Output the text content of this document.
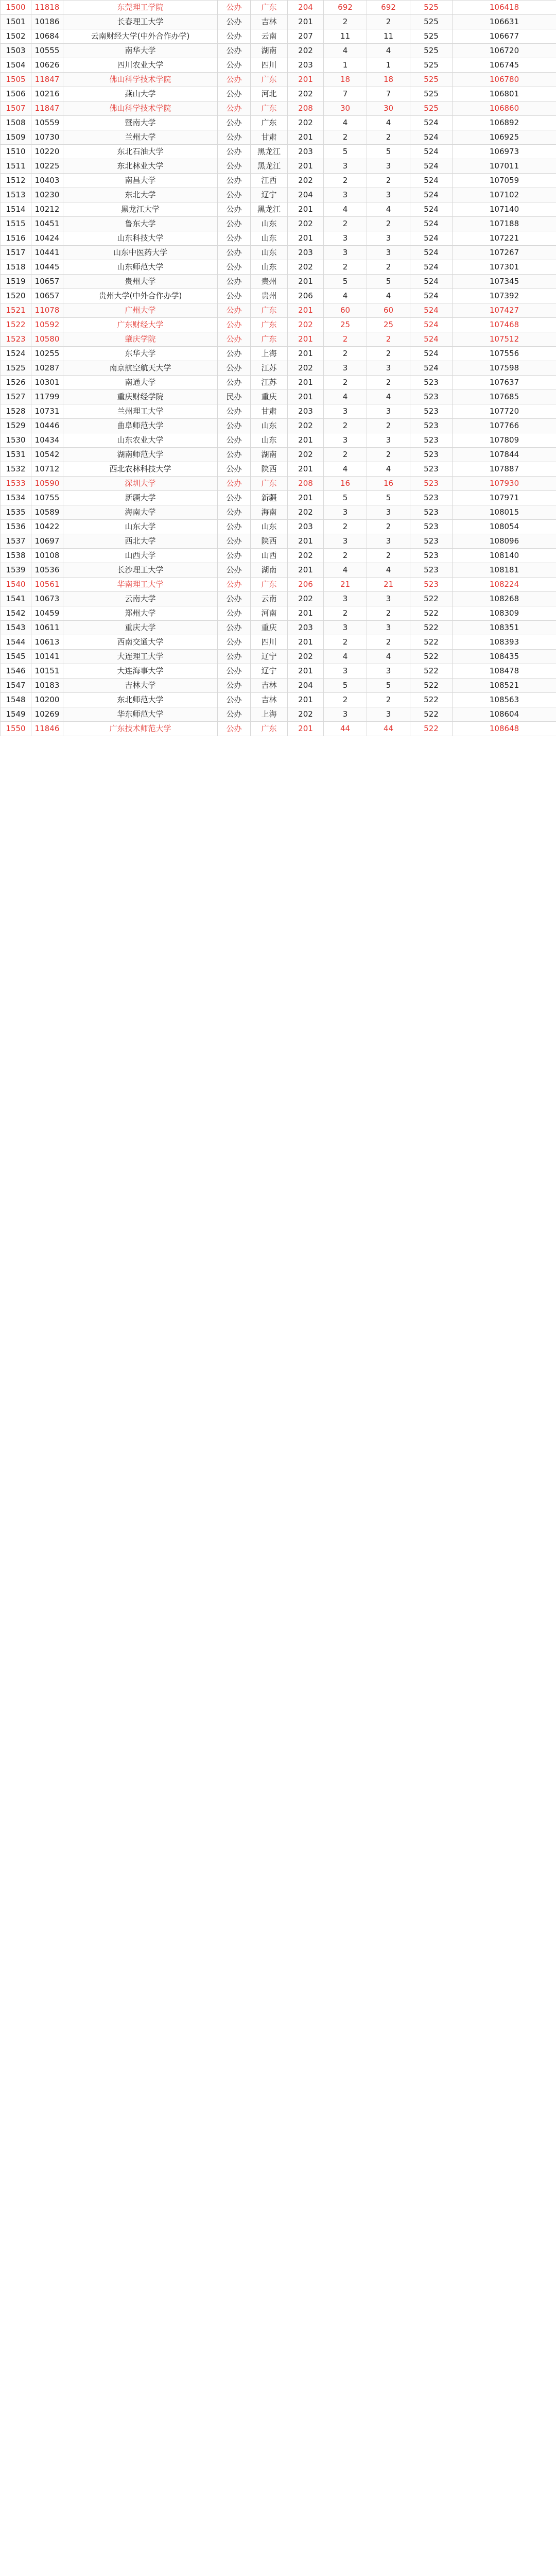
1500	11818	东莞理工学院	公办	广东	204	692	692	525	106418
1501	10186	长春理工大学	公办	吉林	201	2	2	525	106631
1502	10684	云南财经大学(中外合作办学)	公办	云南	207	11	11	525	106677
1503	10555	南华大学	公办	湖南	202	4	4	525	106720
1504	10626	四川农业大学	公办	四川	203	1	1	525	106745
1505	11847	佛山科学技术学院	公办	广东	201	18	18	525	106780
1506	10216	燕山大学	公办	河北	202	7	7	525	106801
1507	11847	佛山科学技术学院	公办	广东	208	30	30	525	106860
1508	10559	暨南大学	公办	广东	202	4	4	524	106892
1509	10730	兰州大学	公办	甘肃	201	2	2	524	106925
1510	10220	东北石油大学	公办	黑龙江	203	5	5	524	106973
1511	10225	东北林业大学	公办	黑龙江	201	3	3	524	107011
1512	10403	南昌大学	公办	江西	202	2	2	524	107059
1513	10230	东北大学	公办	辽宁	204	3	3	524	107102
1514	10212	黑龙江大学	公办	黑龙江	201	4	4	524	107140
1515	10451	鲁东大学	公办	山东	202	2	2	524	107188
1516	10424	山东科技大学	公办	山东	201	3	3	524	107221
1517	10441	山东中医药大学	公办	山东	203	3	3	524	107267
1518	10445	山东师范大学	公办	山东	202	2	2	524	107301
1519	10657	贵州大学	公办	贵州	201	5	5	524	107345
1520	10657	贵州大学(中外合作办学)	公办	贵州	206	4	4	524	107392
1521	11078	广州大学	公办	广东	201	60	60	524	107427
1522	10592	广东财经大学	公办	广东	202	25	25	524	107468
1523	10580	肇庆学院	公办	广东	201	2	2	524	107512
1524	10255	东华大学	公办	上海	201	2	2	524	107556
1525	10287	南京航空航天大学	公办	江苏	202	3	3	524	107598
1526	10301	南通大学	公办	江苏	201	2	2	523	107637
1527	11799	重庆财经学院	民办	重庆	201	4	4	523	107685
1528	10731	兰州理工大学	公办	甘肃	203	3	3	523	107720
1529	10446	曲阜师范大学	公办	山东	202	2	2	523	107766
1530	10434	山东农业大学	公办	山东	201	3	3	523	107809
1531	10542	湖南师范大学	公办	湖南	202	2	2	523	107844
1532	10712	西北农林科技大学	公办	陕西	201	4	4	523	107887
1533	10590	深圳大学	公办	广东	208	16	16	523	107930
1534	10755	新疆大学	公办	新疆	201	5	5	523	107971
1535	10589	海南大学	公办	海南	202	3	3	523	108015
1536	10422	山东大学	公办	山东	203	2	2	523	108054
1537	10697	西北大学	公办	陕西	201	3	3	523	108096
1538	10108	山西大学	公办	山西	202	2	2	523	108140
1539	10536	长沙理工大学	公办	湖南	201	4	4	523	108181
1540	10561	华南理工大学	公办	广东	206	21	21	523	108224
1541	10673	云南大学	公办	云南	202	3	3	522	108268
1542	10459	郑州大学	公办	河南	201	2	2	522	108309
1543	10611	重庆大学	公办	重庆	203	3	3	522	108351
1544	10613	西南交通大学	公办	四川	201	2	2	522	108393
1545	10141	大连理工大学	公办	辽宁	202	4	4	522	108435
1546	10151	大连海事大学	公办	辽宁	201	3	3	522	108478
1547	10183	吉林大学	公办	吉林	204	5	5	522	108521
1548	10200	东北师范大学	公办	吉林	201	2	2	522	108563
1549	10269	华东师范大学	公办	上海	202	3	3	522	108604
1550	11846	广东技术师范大学	公办	广东	201	44	44	522	108648
